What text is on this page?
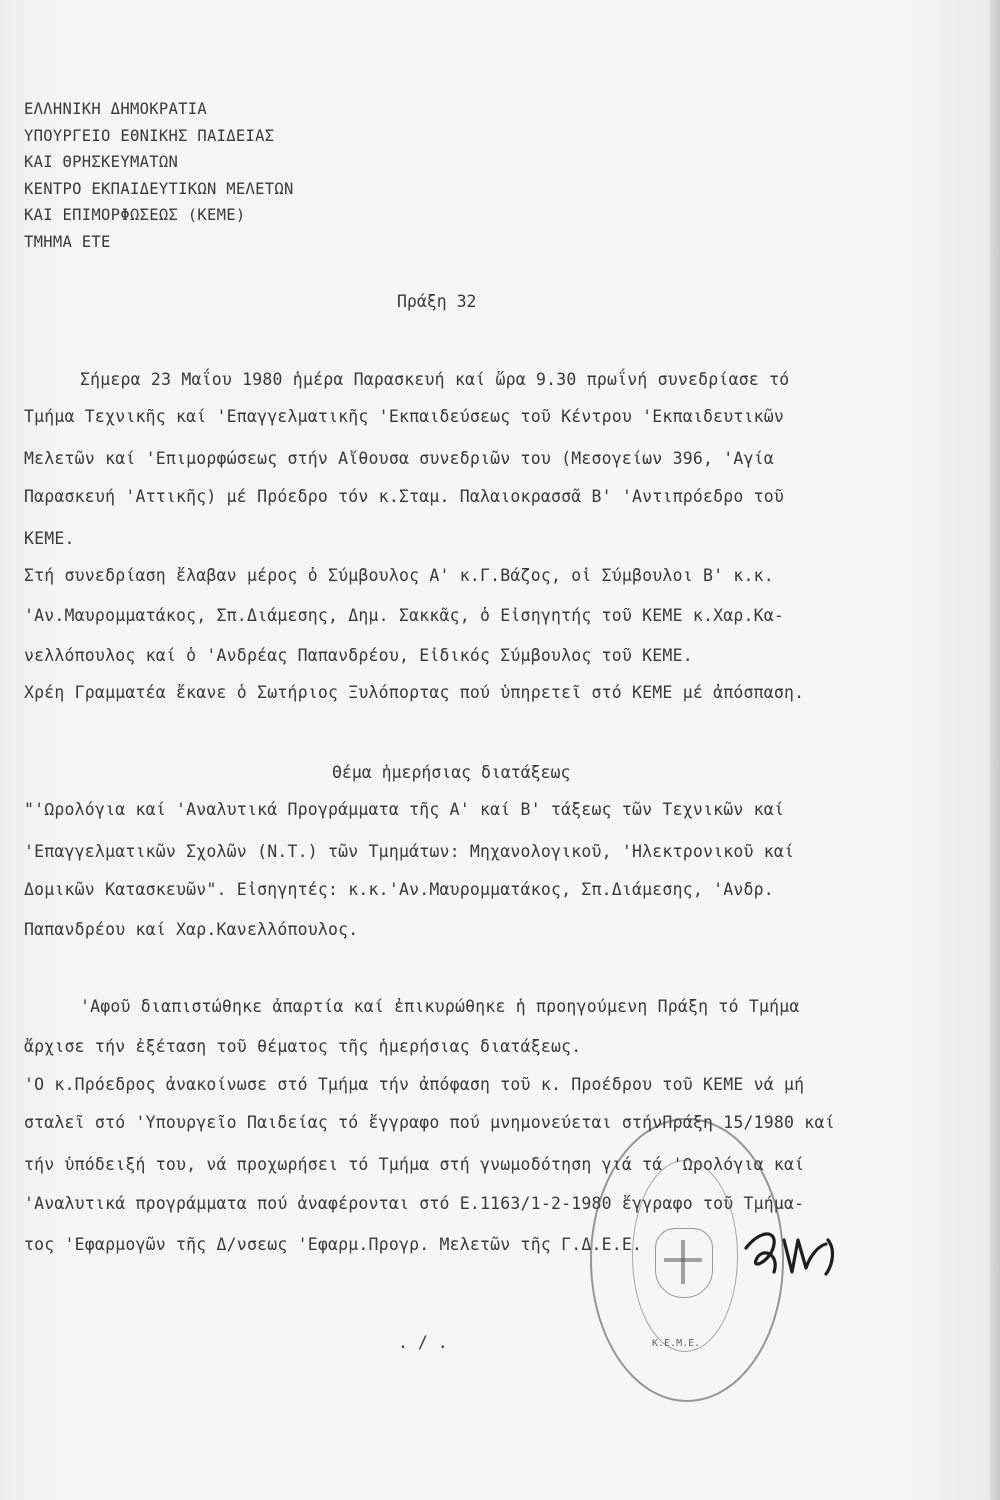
ΕΛΛΗΝΙΚΗ ΔΗΜΟΚΡΑΤΙΑ
ΥΠΟΥΡΓΕΙΟ ΕΘΝΙΚΗΣ ΠΑΙΔΕΙΑΣ
ΚΑΙ ΘΡΗΣΚΕΥΜΑΤΩΝ
ΚΕΝΤΡΟ ΕΚΠΑΙΔΕΥΤΙΚΩΝ ΜΕΛΕΤΩΝ
ΚΑΙ ΕΠΙΜΟΡΦΩΣΕΩΣ (ΚΕΜΕ)
ΤΜΗΜΑ ΕΤΕ
Πράξη 32
Σήμερα 23 Μαΐου 1980 ἡμέρα Παρασκευή καί ὥρα 9.30 πρωΐνή συνεδρίασε τό
Τμήμα Τεχνικῆς καί 'Επαγγελματικῆς 'Εκπαιδεύσεως τοῦ Κέντρου 'Εκπαιδευτικῶν
Μελετῶν καί 'Επιμορφώσεως στήν Αἴθουσα συνεδριῶν του (Μεσογείων 396, 'Αγία
Παρασκευή 'Αττικῆς) μέ Πρόεδρο τόν κ.Σταμ. Παλαιοκρασσᾶ Β' 'Αντιπρόεδρο τοῦ
ΚΕΜΕ.
Στή συνεδρίαση ἔλαβαν μέρος ὁ Σύμβουλος Α' κ.Γ.Βάζος, οἱ Σύμβουλοι Β' κ.κ.
'Αν.Μαυρομματάκος, Σπ.Διάμεσης, Δημ. Σακκᾶς, ὁ Εἰσηγητής τοῦ ΚΕΜΕ κ.Χαρ.Κα-
νελλόπουλος καί ὁ 'Ανδρέας Παπανδρέου, Εἰδικός Σύμβουλος τοῦ ΚΕΜΕ.
Χρέη Γραμματέα ἔκανε ὁ Σωτήριος Ξυλόπορτας πού ὑπηρετεῖ στό ΚΕΜΕ μέ ἀπόσπαση.
Θέμα ἡμερήσιας διατάξεως
"'Ωρολόγια καί 'Αναλυτικά Προγράμματα τῆς Α' καί Β' τάξεως τῶν Τεχνικῶν καί
'Επαγγελματικῶν Σχολῶν (Ν.Τ.) τῶν Τμημάτων: Μηχανολογικοῦ, 'Ηλεκτρονικοῦ καί
Δομικῶν Κατασκευῶν". Εἰσηγητές: κ.κ.'Αν.Μαυρομματάκος, Σπ.Διάμεσης, 'Ανδρ.
Παπανδρέου καί Χαρ.Κανελλόπουλος.
'Αφοῦ διαπιστώθηκε ἀπαρτία καί ἐπικυρώθηκε ἡ προηγούμενη Πράξη τό Τμήμα
ἄρχισε τήν ἐξέταση τοῦ θέματος τῆς ἡμερήσιας διατάξεως.
'Ο κ.Πρόεδρος ἀνακοίνωσε στό Τμήμα τήν ἀπόφαση τοῦ κ. Προέδρου τοῦ ΚΕΜΕ νά μή
σταλεῖ στό 'Υπουργεῖο Παιδείας τό ἔγγραφο πού μνημονεύεται στήνΠράξη 15/1980 καί
τήν ὑπόδειξή του, νά προχωρήσει τό Τμήμα στή γνωμοδότηση γιά τά 'Ωρολόγια καί
'Αναλυτικά προγράμματα πού ἀναφέρονται στό Ε.1163/1-2-1980 ἔγγραφο τοῦ Τμήμα-
τος 'Εφαρμογῶν τῆς Δ/νσεως 'Εφαρμ.Προγρ. Μελετῶν τῆς Γ.Δ.Ε.Ε.
. / .	Κ.Ε.Μ.Ε.
